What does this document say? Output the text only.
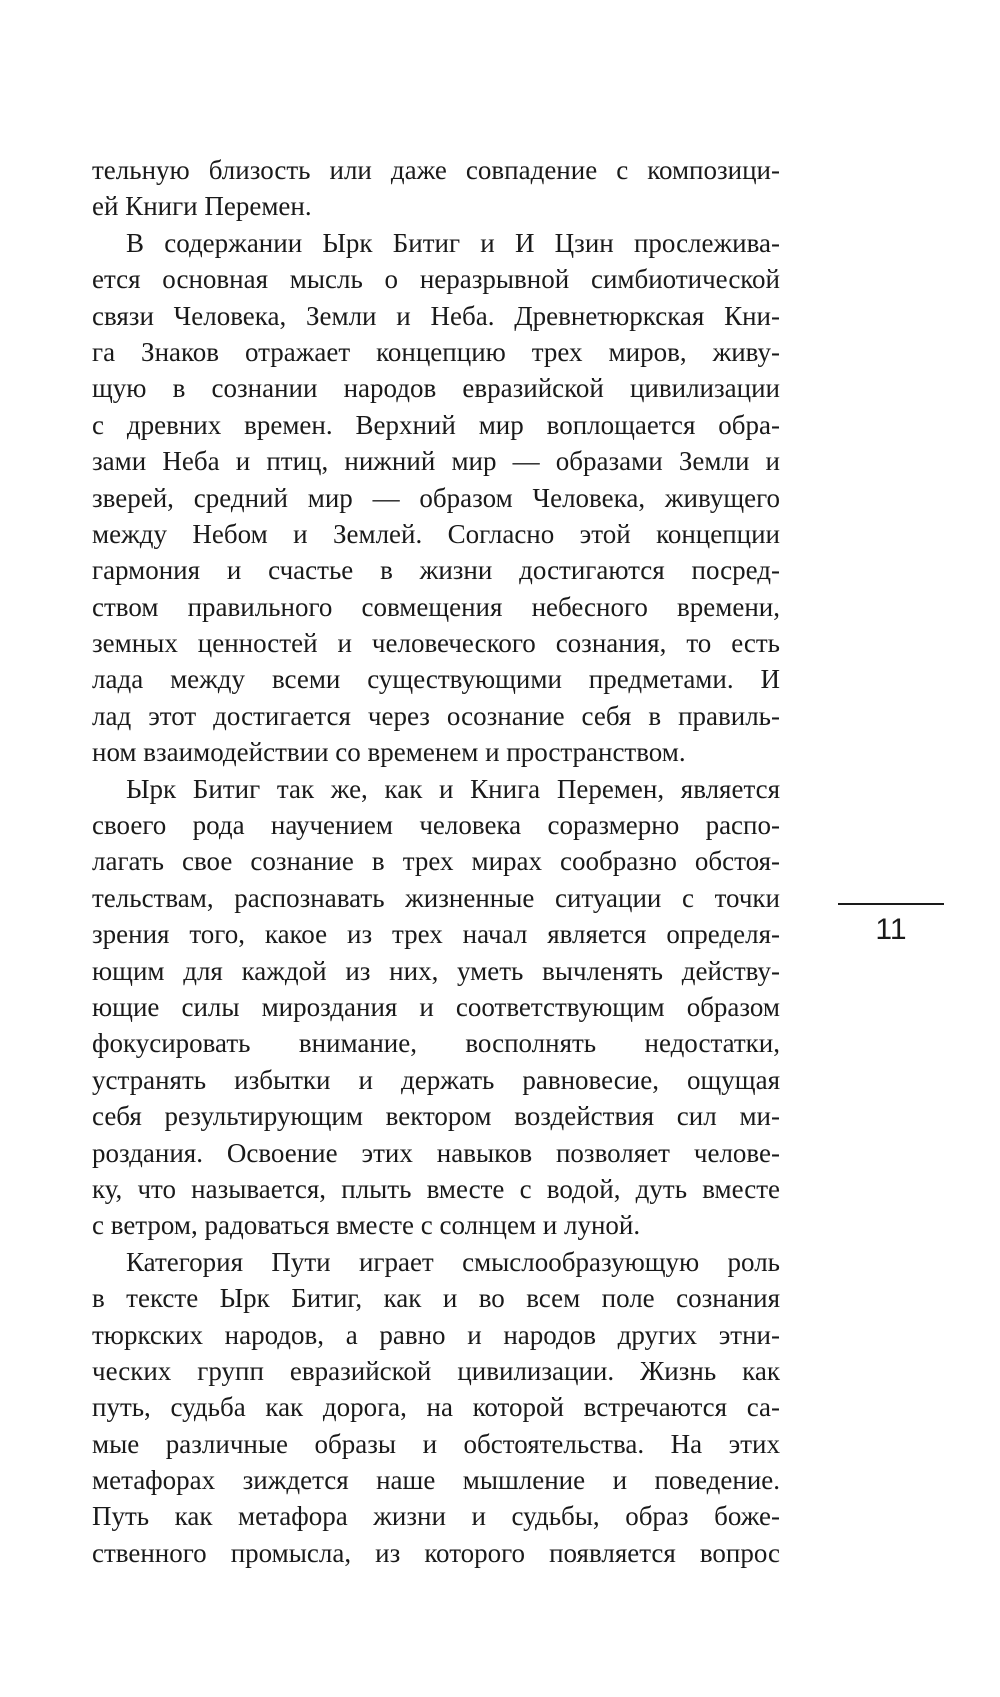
тельную близость или даже совпадение с композици-
ей Книги Перемен.
В содержании Ырк Битиг и И Цзин прослежива-
ется основная мысль о неразрывной симбиотической
связи Человека, Земли и Неба. Древнетюркская Кни-
га Знаков отражает концепцию трех миров, живу-
щую в сознании народов евразийской цивилизации
с древних времен. Верхний мир воплощается обра-
зами Неба и птиц, нижний мир — образами Земли и
зверей, средний мир — образом Человека, живущего
между Небом и Землей. Согласно этой концепции
гармония и счастье в жизни достигаются посред-
ством правильного совмещения небесного времени,
земных ценностей и человеческого сознания, то есть
лада между всеми существующими предметами. И
лад этот достигается через осознание себя в правиль-
ном взаимодействии со временем и пространством.
Ырк Битиг так же, как и Книга Перемен, является
своего рода научением человека соразмерно распо-
лагать свое сознание в трех мирах сообразно обстоя-
тельствам, распознавать жизненные ситуации с точки
зрения того, какое из трех начал является определя-
ющим для каждой из них, уметь вычленять действу-
ющие силы мироздания и соответствующим образом
фокусировать внимание, восполнять недостатки,
устранять избытки и держать равновесие, ощущая
себя результирующим вектором воздействия сил ми-
роздания. Освоение этих навыков позволяет челове-
ку, что называется, плыть вместе с водой, дуть вместе
с ветром, радоваться вместе с солнцем и луной.
Категория Пути играет смыслообразующую роль
в тексте Ырк Битиг, как и во всем поле сознания
тюркских народов, а равно и народов других этни-
ческих групп евразийской цивилизации. Жизнь как
путь, судьба как дорога, на которой встречаются са-
мые различные образы и обстоятельства. На этих
метафорах зиждется наше мышление и поведение.
Путь как метафора жизни и судьбы, образ боже-
ственного промысла, из которого появляется вопрос
11
